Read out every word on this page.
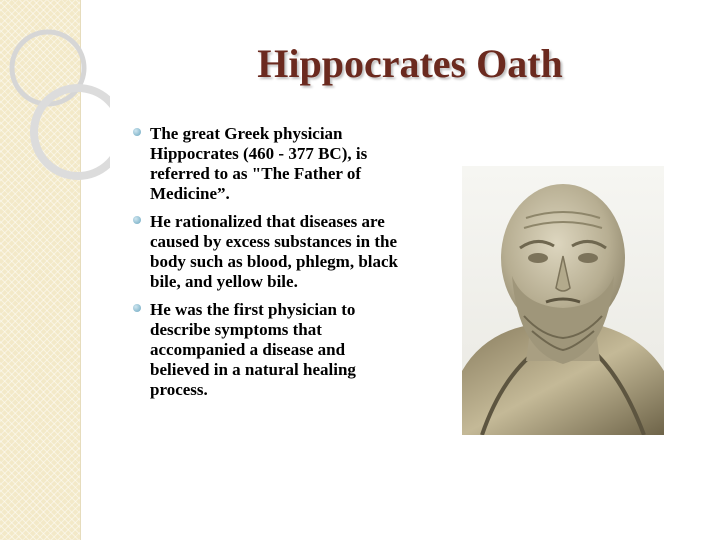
Hippocrates Oath
The great Greek physician Hippocrates (460 - 377 BC), is referred to as "The Father of Medicine”.
He rationalized that diseases are caused by excess substances in the body such as blood, phlegm, black bile, and yellow bile.
He was the first physician to describe symptoms that accompanied a disease and believed in a natural healing process.
